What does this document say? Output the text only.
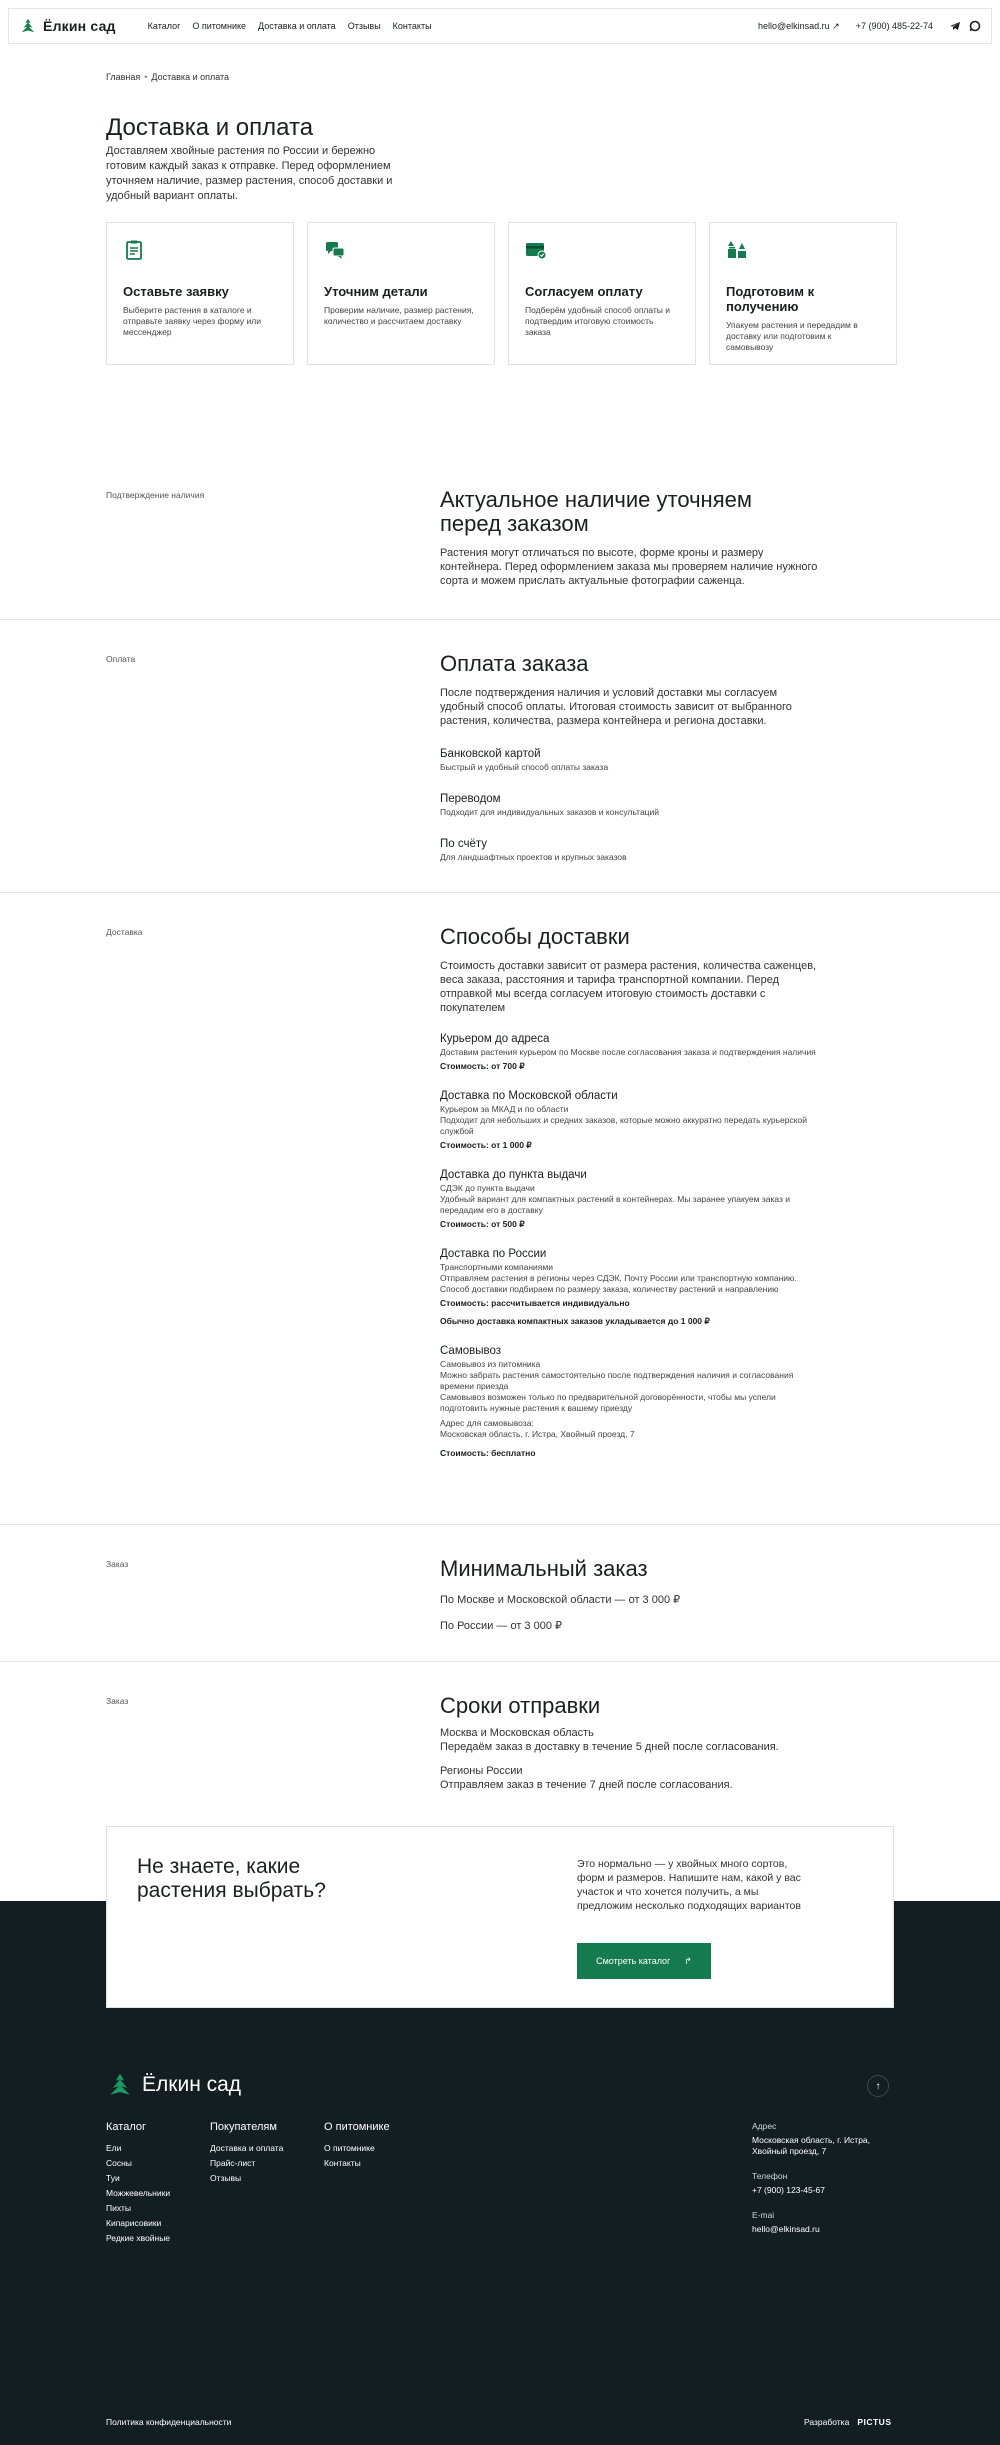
Ёлкин сад	Каталог О питомнике Доставка и оплата Отзывы Контакты	hello@elkinsad.ru ↗ +7 (900) 485-22-74
Главная • Доставка и оплата
Доставка и оплата

Доставляем хвойные растения по России и бережно готовим каждый заказ к отправке. Перед оформлением уточняем наличие, размер растения, способ доставки и удобный вариант оплаты.

Оставьте заявку
Выберите растения в каталоге и отправьте заявку через форму или мессенджер
Уточним детали
Проверим наличие, размер растения, количество и рассчитаем доставку
Согласуем оплату
Подберём удобный способ оплаты и подтвердим итоговую стоимость заказа
Подготовим к получению
Упакуем растения и передадим в доставку или подготовим к самовывозу
Подтверждение наличия	Актуальное наличие уточняем перед заказом
Растения могут отличаться по высоте, форме кроны и размеру контейнера. Перед оформлением заказа мы проверяем наличие нужного сорта и можем прислать актуальные фотографии саженца.
Оплата	Оплата заказа
После подтверждения наличия и условий доставки мы согласуем удобный способ оплаты. Итоговая стоимость зависит от выбранного растения, количества, размера контейнера и региона доставки.
Банковской картой
Быстрый и удобный способ оплаты заказа
Переводом
Подходит для индивидуальных заказов и консультаций
По счёту
Для ландшафтных проектов и крупных заказов
Доставка	Способы доставки
Стоимость доставки зависит от размера растения, количества саженцев, веса заказа, расстояния и тарифа транспортной компании. Перед отправкой мы всегда согласуем итоговую стоимость доставки с покупателем
Курьером до адреса
Доставим растения курьером по Москве после согласования заказа и подтверждения наличия
Стоимость: от 700 ₽
Доставка по Московской области
Курьером за МКАД и по области
Подходит для небольших и средних заказов, которые можно аккуратно передать курьерской службой
Стоимость: от 1 000 ₽
Доставка до пункта выдачи
СДЭК до пункта выдачи
Удобный вариант для компактных растений в контейнерах. Мы заранее упакуем заказ и передадим его в доставку
Стоимость: от 500 ₽
Доставка по России
Транспортными компаниями
Отправляем растения в регионы через СДЭК, Почту России или транспортную компанию. Способ доставки подбираем по размеру заказа, количеству растений и направлению
Стоимость: рассчитывается индивидуально
Обычно доставка компактных заказов укладывается до 1 000 ₽
Самовывоз
Самовывоз из питомника
Можно забрать растения самостоятельно после подтверждения наличия и согласования времени приезда
Самовывоз возможен только по предварительной договорённости, чтобы мы успели подготовить нужные растения к вашему приезду
Адрес для самовывоза:
Московская область, г. Истра, Хвойный проезд, 7
Стоимость: бесплатно
Заказ	Минимальный заказ
По Москве и Московской области — от 3 000 ₽
По России — от 3 000 ₽
Заказ	Сроки отправки
Москва и Московская область
Передаём заказ в доставку в течение 5 дней после согласования.
Регионы России
Отправляем заказ в течение 7 дней после согласования.
Ёлкин сад	↑
Каталог
Ели
Сосны
Туи
Можжевельники
Пихты
Кипарисовики
Редкие хвойные
Покупателям
Доставка и оплата
Прайс-лист
Отзывы
О питомнике
О питомнике
Контакты
Адрес
Московская область, г. Истра, Хвойный проезд, 7
Телефон
+7 (900) 123-45-67
E-mai
hello@elkinsad.ru
Политика конфиденциальности	Разработка PICTUS
Не знаете, какие растения выбрать?
Это нормально — у хвойных много сортов, форм и размеров. Напишите нам, какой у вас участок и что хочется получить, а мы предложим несколько подходящих вариантов
Смотреть каталог ↱
